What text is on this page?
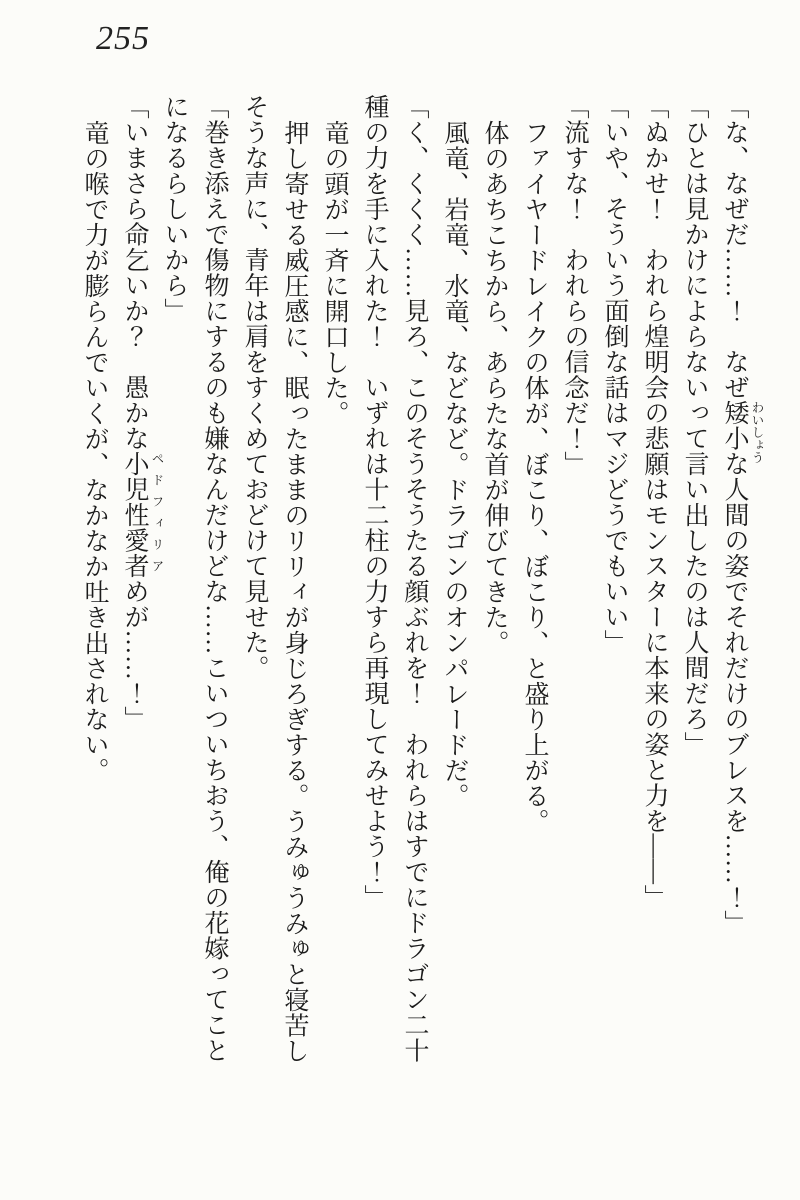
255
「な、なぜだ……！　なぜ矮小 わいしょう
な人間の姿でそれだけのブレスを……！」
「ひとは見かけによらないって言い出したのは人間だろ」
「ぬかせ！　われら煌明会の悲願はモンスターに本来の姿と力を——」
「いや、そういう面倒な話はマジどうでもいい」
「流すな！　われらの信念だ！」
ファイヤードレイクの体が、ぼこり、ぼこり、と盛り上がる。
体のあちこちから、あらたな首が伸びてきた。
風竜、岩竜、水竜、などなど。ドラゴンのオンパレードだ。
「く、くくく……見ろ、このそうそうたる顔ぶれを！　われらはすでにドラゴン二十
種の力を手に入れた！　いずれは十二柱の力すら再現してみせよう！」
竜の頭が一斉に開口した。
押し寄せる威圧感に、眠ったままのリリィが身じろぎする。うみゅうみゅと寝苦し
そうな声に、青年は肩をすくめておどけて見せた。
「巻き添えで傷物にするのも嫌なんだけどな……こいついちおう、俺の花嫁ってこと
になるらしいから」
「いまさら命乞いか？　愚かな小児性愛者 ペドフィリア
めが……！」
竜の喉で力が膨らんでいくが、なかなか吐き出されない。
